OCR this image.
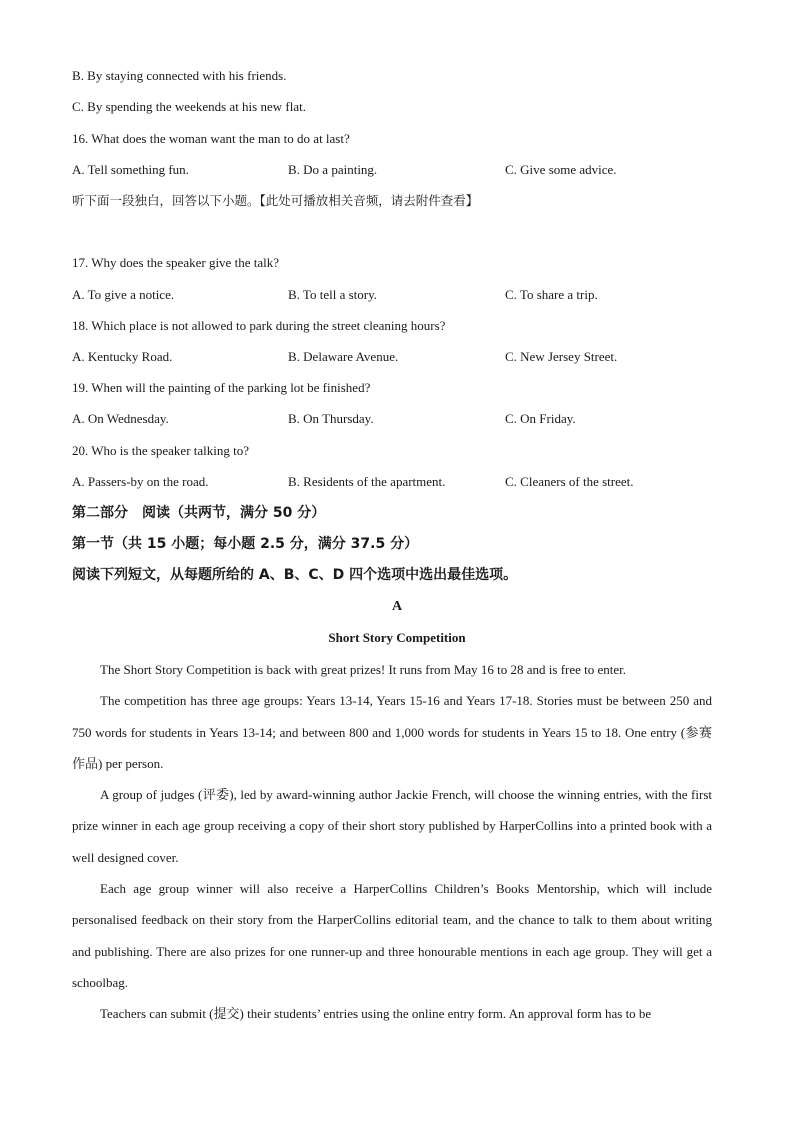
B. By staying connected with his friends.
C. By spending the weekends at his new flat.
16. What does the woman want the man to do at last?
A. Tell something fun.	B. Do a painting.	C. Give some advice.
听下面一段独白，回答以下小题。【此处可播放相关音频，请去附件查看】
17. Why does the speaker give the talk?
A. To give a notice.	B. To tell a story.	C. To share a trip.
18. Which place is not allowed to park during the street cleaning hours?
A. Kentucky Road.	B. Delaware Avenue.	C. New Jersey Street.
19. When will the painting of the parking lot be finished?
A. On Wednesday.	B. On Thursday.	C. On Friday.
20. Who is the speaker talking to?
A. Passers-by on the road.	B. Residents of the apartment.	C. Cleaners of the street.
第二部分　阅读（共两节，满分 50 分）
第一节（共 15 小题；每小题 2.5 分，满分 37.5 分）
阅读下列短文，从每题所给的 A、B、C、D 四个选项中选出最佳选项。
A
Short Story Competition

The Short Story Competition is back with great prizes! It runs from May 16 to 28 and is free to enter.

The competition has three age groups: Years 13-14, Years 15-16 and Years 17-18. Stories must be between 250 and 750 words for students in Years 13-14; and between 800 and 1,000 words for students in Years 15 to 18. One entry (参赛作品) per person.

A group of judges (评委), led by award-winning author Jackie French, will choose the winning entries, with the first prize winner in each age group receiving a copy of their short story published by HarperCollins into a printed book with a well designed cover.

Each age group winner will also receive a HarperCollins Children’s Books Mentorship, which will include personalised feedback on their story from the HarperCollins editorial team, and the chance to talk to them about writing and publishing. There are also prizes for one runner-up and three honourable mentions in each age group. They will get a schoolbag.

Teachers can submit (提交) their students’ entries using the online entry form. An approval form has to be
